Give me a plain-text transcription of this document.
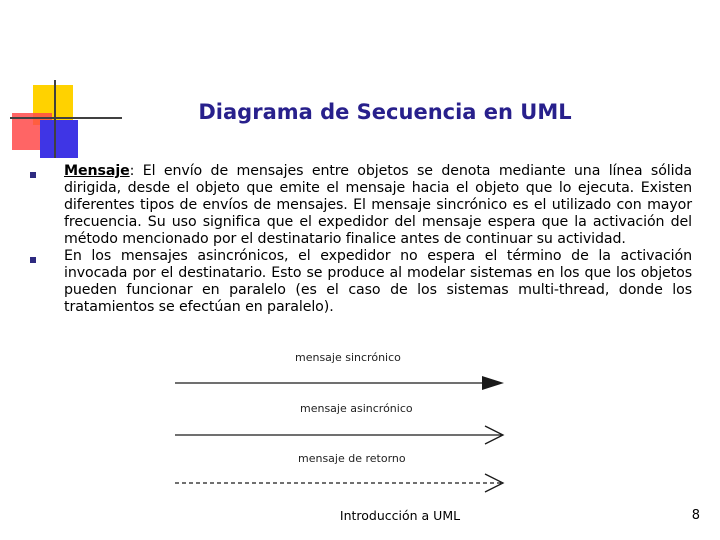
Diagrama de Secuencia en UML
Mensaje: El envío de mensajes entre objetos se denota mediante una línea sólida dirigida, desde el objeto que emite el mensaje hacia el objeto que lo ejecuta. Existen diferentes tipos de envíos de mensajes. El mensaje sincrónico es el utilizado con mayor frecuencia. Su uso significa que el expedidor del mensaje espera que la activación del método mencionado por el destinatario finalice antes de continuar su actividad.
En los mensajes asincrónicos, el expedidor no espera el término de la activación invocada por el destinatario. Esto se produce al modelar sistemas en los que los objetos pueden funcionar en paralelo (es el caso de los sistemas multi-thread, donde los tratamientos se efectúan en paralelo).
mensaje sincrónico
mensaje asincrónico
mensaje de retorno
Introducción a UML	8
